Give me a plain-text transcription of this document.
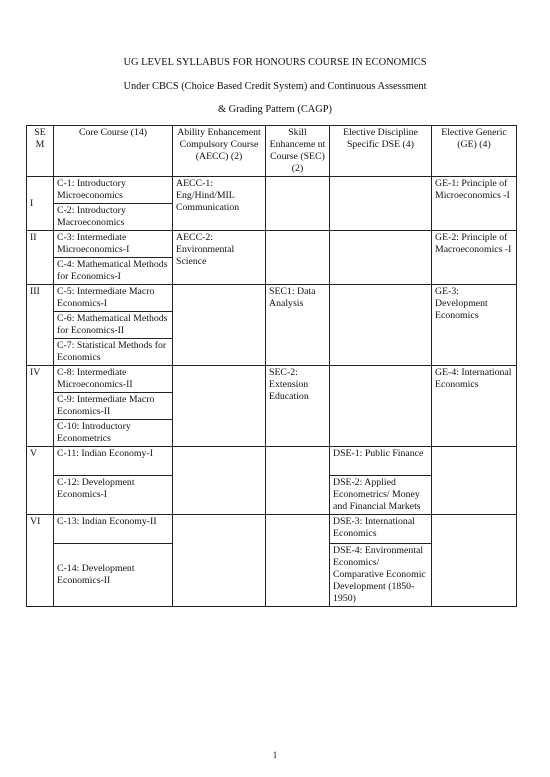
UG LEVEL SYLLABUS FOR HONOURS COURSE IN ECONOMICS
Under CBCS (Choice Based Credit System) and Continuous Assessment
& Grading Pattern (CAGP)
SE M	Core Course (14)	Ability Enhancement Compulsory Course (AECC) (2)	Skill Enhanceme nt Course (SEC) (2)	Elective Discipline Specific DSE (4)	Elective Generic (GE) (4)
I	C-1: Introductory Microeconomics	AECC-1: Eng/Hind/MIL Communication			GE-1: Principle of Microeconomics -I
	C-2: Introductory Macroeconomics				
II	C-3: Intermediate Microeconomics-I	AECC-2: Environmental Science			GE-2: Principle of Macroeconomics -I
	C-4: Mathematical Methods for Economics-I				
III	C-5: Intermediate Macro Economics-I		SEC1: Data Analysis		GE-3: Development Economics
	C-6: Mathematical Methods for Economics-II				
	C-7: Statistical Methods for Economics				
IV	C-8: Intermediate Microeconomics-II		SEC-2: Extension Education		GE-4: International Economics
	C-9: Intermediate Macro Economics-II				
	C-10: Introductory Econometrics				
V	C-11: Indian Economy-I			DSE-1: Public Finance	
	C-12: Development Economics-I			DSE-2: Applied Econometrics/ Money and Financial Markets	
VI	C-13: Indian Economy-II			DSE-3: International Economics	
	C-14: Development Economics-II			DSE-4: Environmental Economics/ Comparative Economic Development (1850-1950)	
1
